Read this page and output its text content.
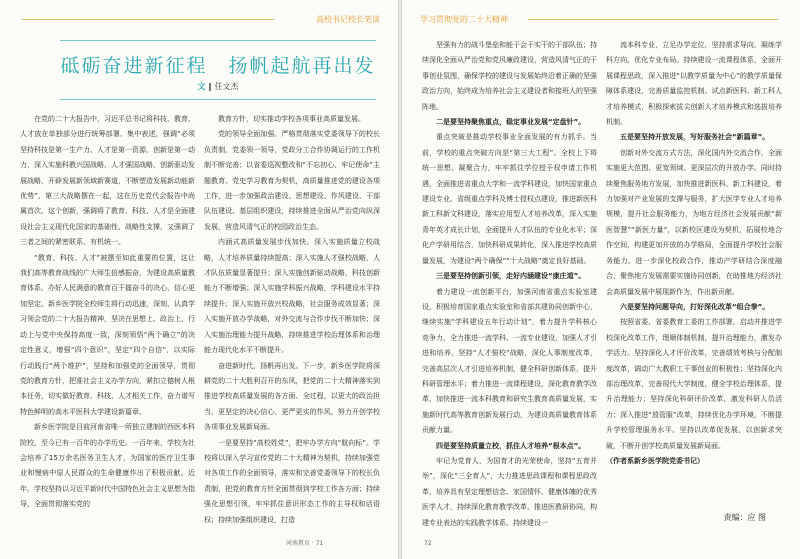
高校书记校长笔谈
砥砺奋进新征程　扬帆起航再出发
文 ‖ 任文杰

在党的二十大报告中，习近平总书记将科技、教育、人才放在单独部分进行统筹部署、集中表述，强调“必须坚持科技是第一生产力、人才是第一资源、创新是第一动力，深入实施科教兴国战略、人才强国战略、创新驱动发展战略，开辟发展新领域新赛道，不断塑造发展新动能新优势”，第三大战略摆在一起，这在历史党代会报告中尚属首次。这个创新，强调将了教育、科技、人才是全面建设社会主义现代化国家的基础性、战略性支撑，又强调了三者之间的紧密联系、有机统一。

“教育、科技、人才”被摆至如此重要的位置，这让我们高等教育战线的广大师生倍感振奋，为建设高质量教育体系、办好人民满意的教育百千擂奋斗的决心、信心更加坚定。新乡医学院全校师生将行动迅速，深刻、认真学习领会党的二十大报告精神，坚决在思想上、政治上、行动上与党中央保持高度一致，深刻领悟“两个确立”的决定性意义，增强“四个意识”，坚定“四个自信”，以实际行动践行“两个维护”，坚持和加强党的全面领导，贯彻党的教育方针，把准社会主义办学方向，紧扣立德树人根本任务，切实做好教育、科技、人才相关工作，奋力谱写特色鲜明的高水平医科大学建设新篇章。

新乡医学院是目前河南省唯一所独立建制的西医本科院校，至今已有一百年的办学历史。一百年来，学校为社会培养了15万余名医务卫生人才，为国家的医疗卫生事业和慢病中原人民群众的生命健康作出了积极贡献。近年，学校坚持以习近平新时代中国特色社会主义思想为指导，全面贯彻落实党的

教育方针，切实推动学校各项事业高质量发展。

党的领导全面加强。严格贯彻落实党委领导下的校长负责制，党委领一领导，党政分工合作协调运行的工作机制不断完善；以省委巡视整改和“不忘初心、牢记使命”主题教育、党史学习教育为契机，高质量推进党的建设各项工作，进一步加强政治建设、思想建设、作风建设、干部队伍建设、基层组织建设，持续推进全面从严治党向纵深发展，营造风清气正的校园政治生态。

内涵式高质量发展步伐加快。深入实施质量立校战略，人才培养质量持续提高；深入实施人才强校战略，人才队伍质量显著提升；深入实施创新驱动战略，科技创新能力不断增强；深入实施学科振兴战略，学科建设水平持续提升；深入实施开放兴校战略，社会服务成效显著；深入实施开放办学战略，对外交流与合作步伐不断加快；深入实施治理能力提升战略，持续推进学校治理体系和治理能力现代化水平不断提升。

奋进新时代，扬帆再出发。下一步，新乡医学院将深耕党的二十大胜利召开的东风，把党的二十大精神落实到推进学校高质量发展的各方面、全过程，以更大的政治担当、更坚定的决心信心、更严更实的作风，努力开创学校各项事业发展新局面。

一是要坚持“高校姓党”，把牢办学方向“航向标”。学校将以深入学习宣传党的二十大精神为契机，持续加强党对各项工作的全面领导，落实和完善党委领导下的校长负责制，把党的教育方针全面贯彻到学校工作各方面；持续强化思想引领，牢牢抓住意识形态工作的主导权和话语权；持续加强组织建设，打造

河南教育 · 71
学习贯彻党的二十大精神

坚强有力的战斗堡垒和能干会干实干的干部队伍；持续深化全面从严治党和党风廉政建设，营造风清气正的干事创业氛围，确保学校的建设与发展始终沿着正确的坚强政治方向，始终成为培养社会主义建设者和接班人的坚强阵地。

二是要坚持聚焦重点，稳定事业发展“定盘针”。

重点突破是推动学校事业全面发展的有力抓手。当前，学校的重点突破方向是“第三大工程”。全校上下将统一思想、凝聚合力，牢牢抓住学位授予权申请工作机遇，全面推进省重点大学和一流学科建设，加快国家重点建设专业、省级重点学科及博士授权点建设，推进新医科新工科新文科建设，落实应用型人才培养改革，深入实施青年英才成长计划，全面提升人才队伍的专业化水平；深化产学研用结合，加快科研成果转化，深入推进学校高质量发展，为建设“两个确保”“十大战略”奠定良好基础。

三是要坚持创新引领，走好内涵建设“康庄道”。

着力建设一流创新平台，加强河南省重点实验室建设，积极培育国家重点实验室和省部共建协同创新中心，继续实施“学科建设五年行动计划”，着力提升学科核心竞争力，全力推进一流学科、一流专业建设，加强人才引进和培养，坚持“人才强校”战略，深化人事制度改革，完善高层次人才引进培养机制，健全科研创新体系，提升科研管理水平；着力推进一流课程建设，深化教育教学改革，加快推进一流本科教育和研究生教育高质量发展，实施新时代高等教育创新发展行动，为建设高质量教育体系贡献力量。

四是要坚持质量立校，抓住人才培养“根本点”。

牢记为党育人、为国育才的光荣使命，坚持“五育并举”，深化“三全育人”，大力推进思政课程和课程思政改革，培养具有坚定理想信念、家国情怀、健康体魄的优秀医学人才，持续深化教育教学改革，推进医教研协同，构建专业表达的实践教学体系。持续建设一

流本科专业，立足办学定位，坚持需求导向，凝练学科方向，优化专业布局。持续建设一流课程体系，全面开展课程思政，深入推进“以教学质量为中心”的教学质量保障体系建设，完善质量监控机制。试点新医科、新工科人才培养模式，积极探索拔尖创新人才培养模式和选拔培养机制。

五是要坚持开放发展，写好服务社会“新篇章”。

创新对外交流方式方法，深化国内外交流合作，全面实施更大范围、更宽领域、更深层次的开放办学。同时持续聚焦服务地方发展，加快推进新医科、新工科建设，着力加强对产业发展的支撑与服务，扩大医学专业人才培养规模，提升社会服务能力，为地方经济社会发展贡献“新医智慧”“新医力量”，以新校区建设为契机，拓展校地合作空间，构建更加开放的办学格局，全面提升学校社会服务能力。进一步深化校政合作，推动产学研结合深度融合，聚焦地方发展需要实施协同创新，在助推地方经济社会高质量发展中展现新作为，作出新贡献。

六是要坚持问题导向，打好深化改革“组合拳”。

按照省委、省委教育工委的工作部署，启动并推进学校深化改革工作，理顺体制机制，提升治理能力，激发办学活力。坚持深化人才评价改革，完善绩效考核与分配制度改革，调动广大教职工干事创业的积极性；坚持深化内部治理改革，完善现代大学制度，健全学校治理体系，提升治理能力；坚持深化科研评价改革，激发科研人员活力；深入推进“放管服”改革，持续优化办学环境，不断提升学校管理服务水平。坚持以改革促发展，以创新求突破，不断开创学校高质量发展新局面。

（作者系新乡医学院党委书记）

责编：应 图
72
